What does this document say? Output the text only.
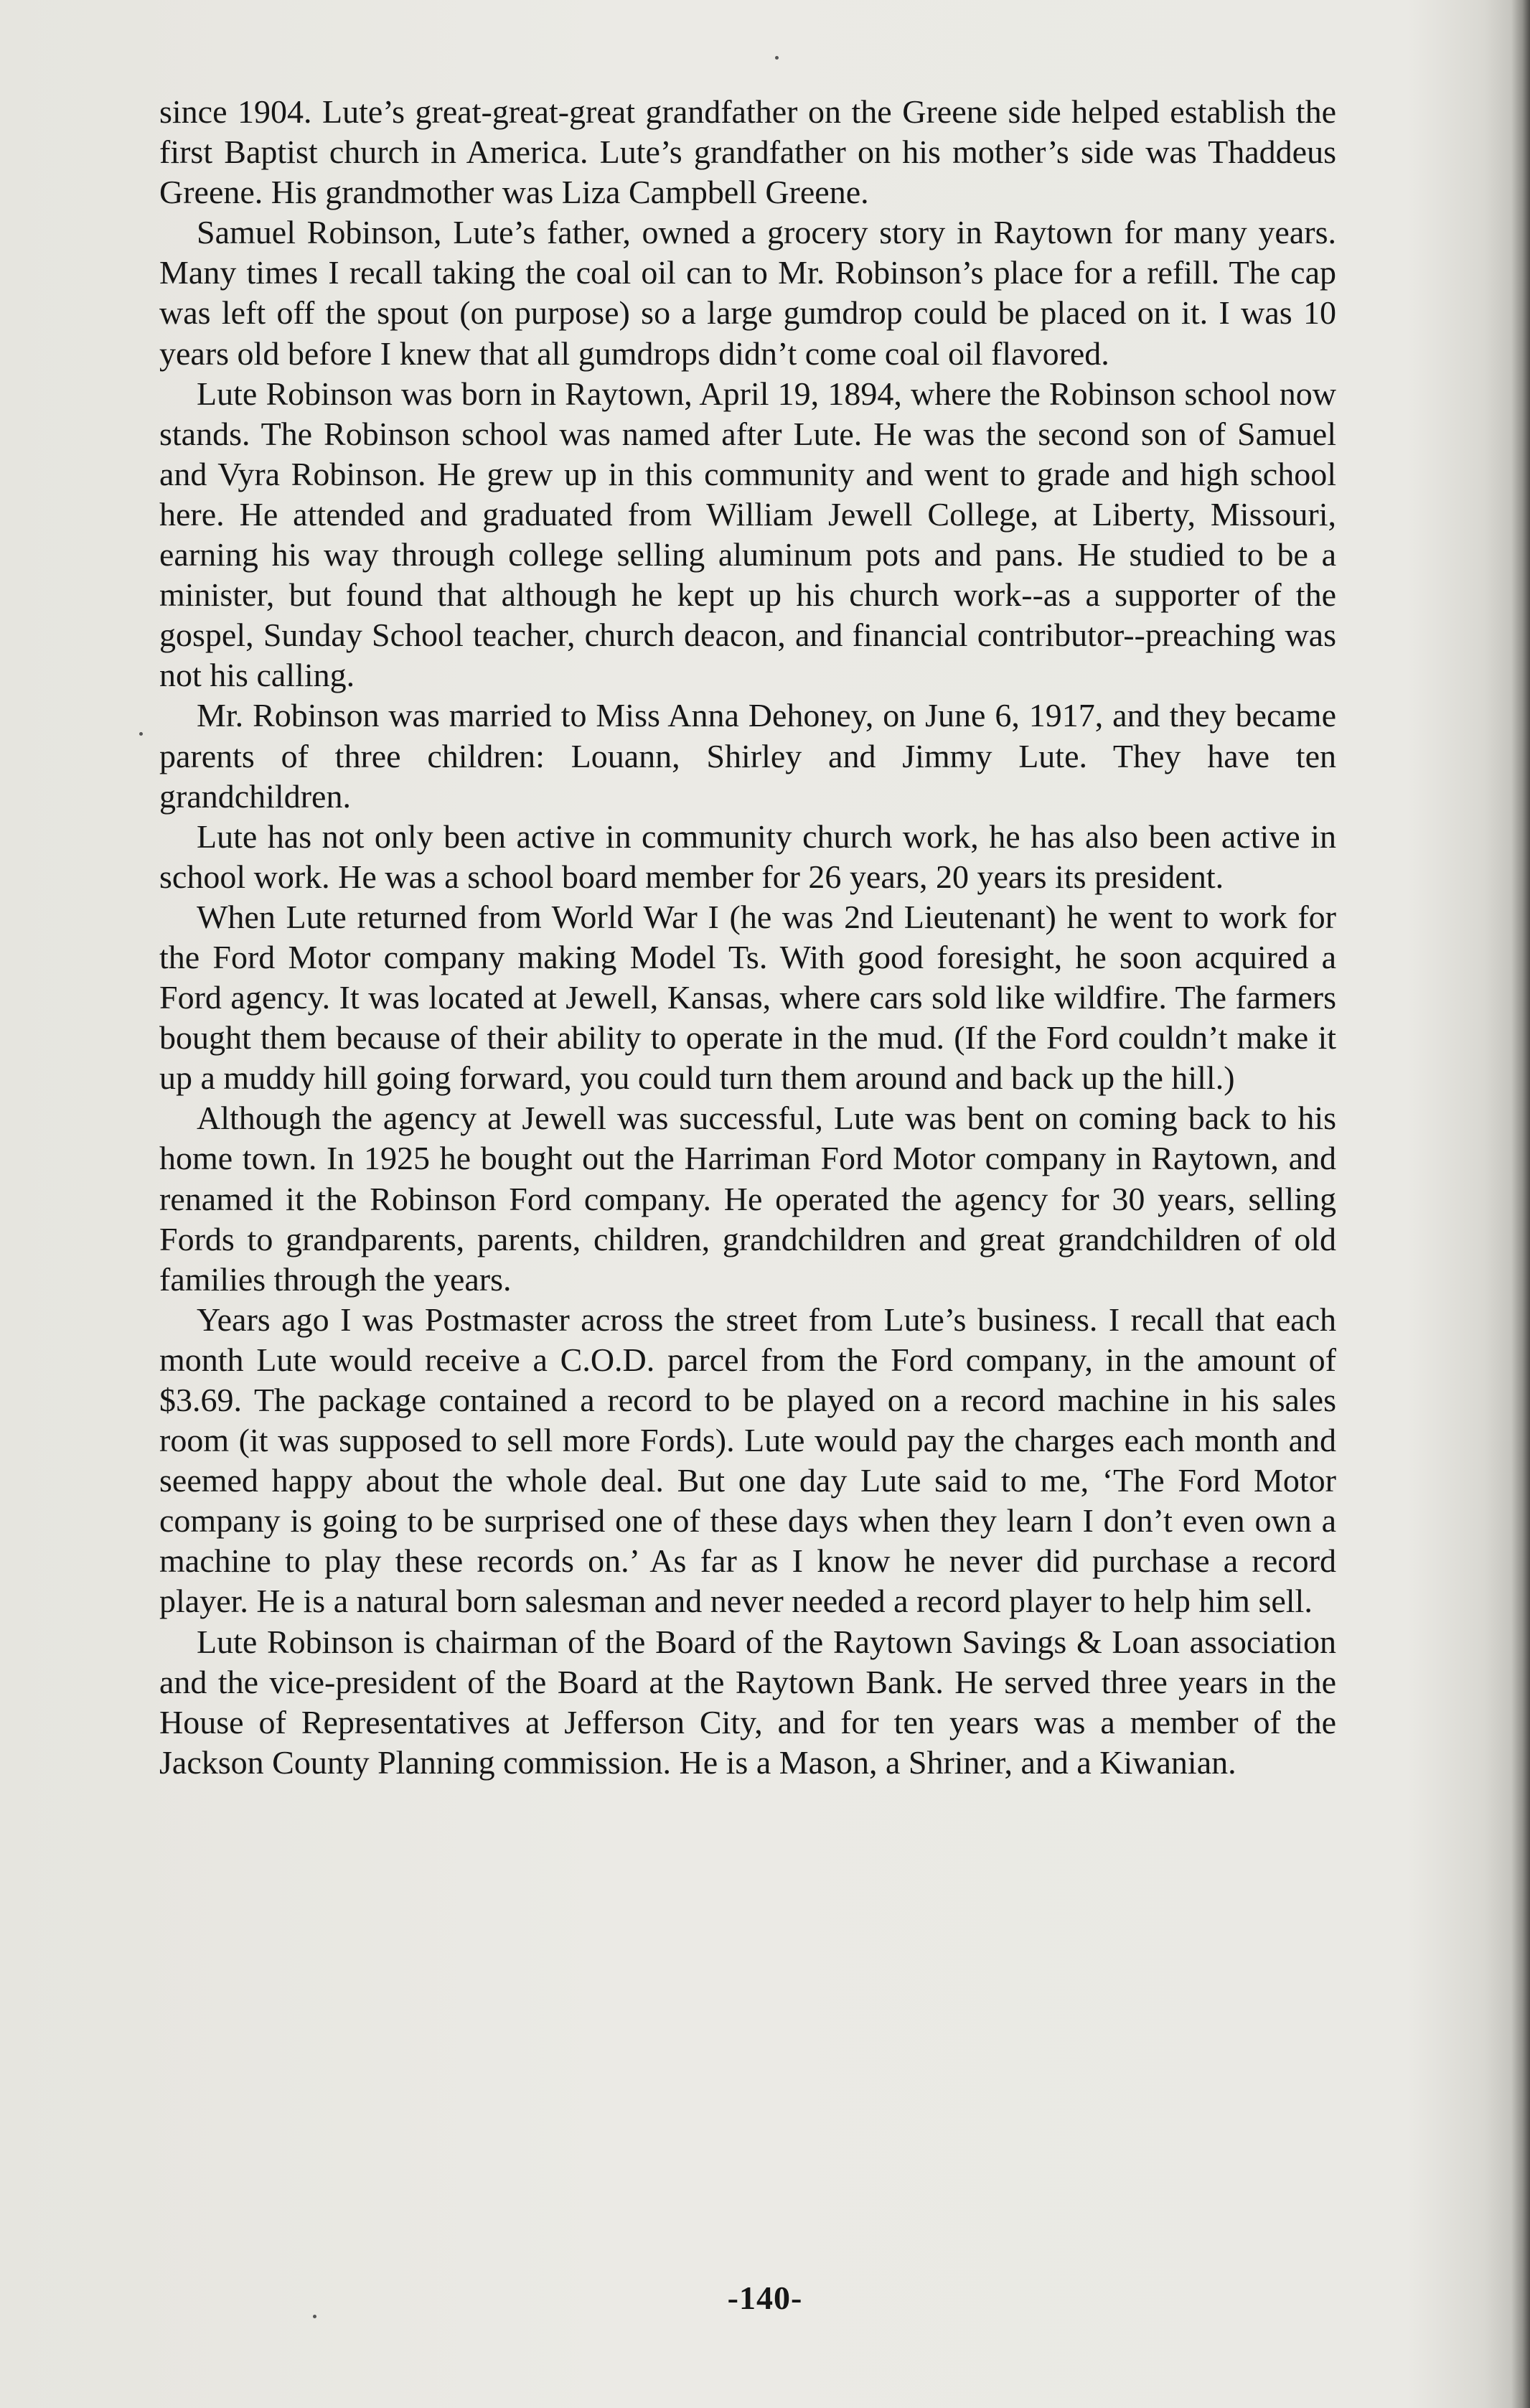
since 1904. Lute’s great-great-great grandfather on the Greene side helped establish the first Baptist church in America. Lute’s grandfather on his mother’s side was Thaddeus Greene. His grandmother was Liza Campbell Greene.

Samuel Robinson, Lute’s father, owned a grocery story in Raytown for many years. Many times I recall taking the coal oil can to Mr. Robinson’s place for a refill. The cap was left off the spout (on purpose) so a large gumdrop could be placed on it. I was 10 years old before I knew that all gumdrops didn’t come coal oil flavored.

Lute Robinson was born in Raytown, April 19, 1894, where the Robinson school now stands. The Robinson school was named after Lute. He was the second son of Samuel and Vyra Robinson. He grew up in this community and went to grade and high school here. He attended and graduated from William Jewell College, at Liberty, Missouri, earning his way through college selling aluminum pots and pans. He studied to be a minister, but found that although he kept up his church work--as a supporter of the gospel, Sunday School teacher, church deacon, and financial contributor--preaching was not his calling.

Mr. Robinson was married to Miss Anna Dehoney, on June 6, 1917, and they became parents of three children: Louann, Shirley and Jimmy Lute. They have ten grandchildren.

Lute has not only been active in community church work, he has also been active in school work. He was a school board member for 26 years, 20 years its president.

When Lute returned from World War I (he was 2nd Lieutenant) he went to work for the Ford Motor company making Model Ts. With good foresight, he soon acquired a Ford agency. It was located at Jewell, Kansas, where cars sold like wildfire. The farmers bought them because of their ability to operate in the mud. (If the Ford couldn’t make it up a muddy hill going forward, you could turn them around and back up the hill.)

Although the agency at Jewell was successful, Lute was bent on coming back to his home town. In 1925 he bought out the Harriman Ford Motor company in Raytown, and renamed it the Robinson Ford company. He operated the agency for 30 years, selling Fords to grandparents, parents, children, grandchildren and great grandchildren of old families through the years.

Years ago I was Postmaster across the street from Lute’s business. I recall that each month Lute would receive a C.O.D. parcel from the Ford company, in the amount of $3.69. The package contained a record to be played on a record machine in his sales room (it was supposed to sell more Fords). Lute would pay the charges each month and seemed happy about the whole deal. But one day Lute said to me, ‘The Ford Motor company is going to be surprised one of these days when they learn I don’t even own a machine to play these records on.’ As far as I know he never did purchase a record player. He is a natural born salesman and never needed a record player to help him sell.

Lute Robinson is chairman of the Board of the Raytown Savings & Loan association and the vice-president of the Board at the Raytown Bank. He served three years in the House of Representatives at Jefferson City, and for ten years was a member of the Jackson County Planning commission. He is a Mason, a Shriner, and a Kiwanian.

-140-
